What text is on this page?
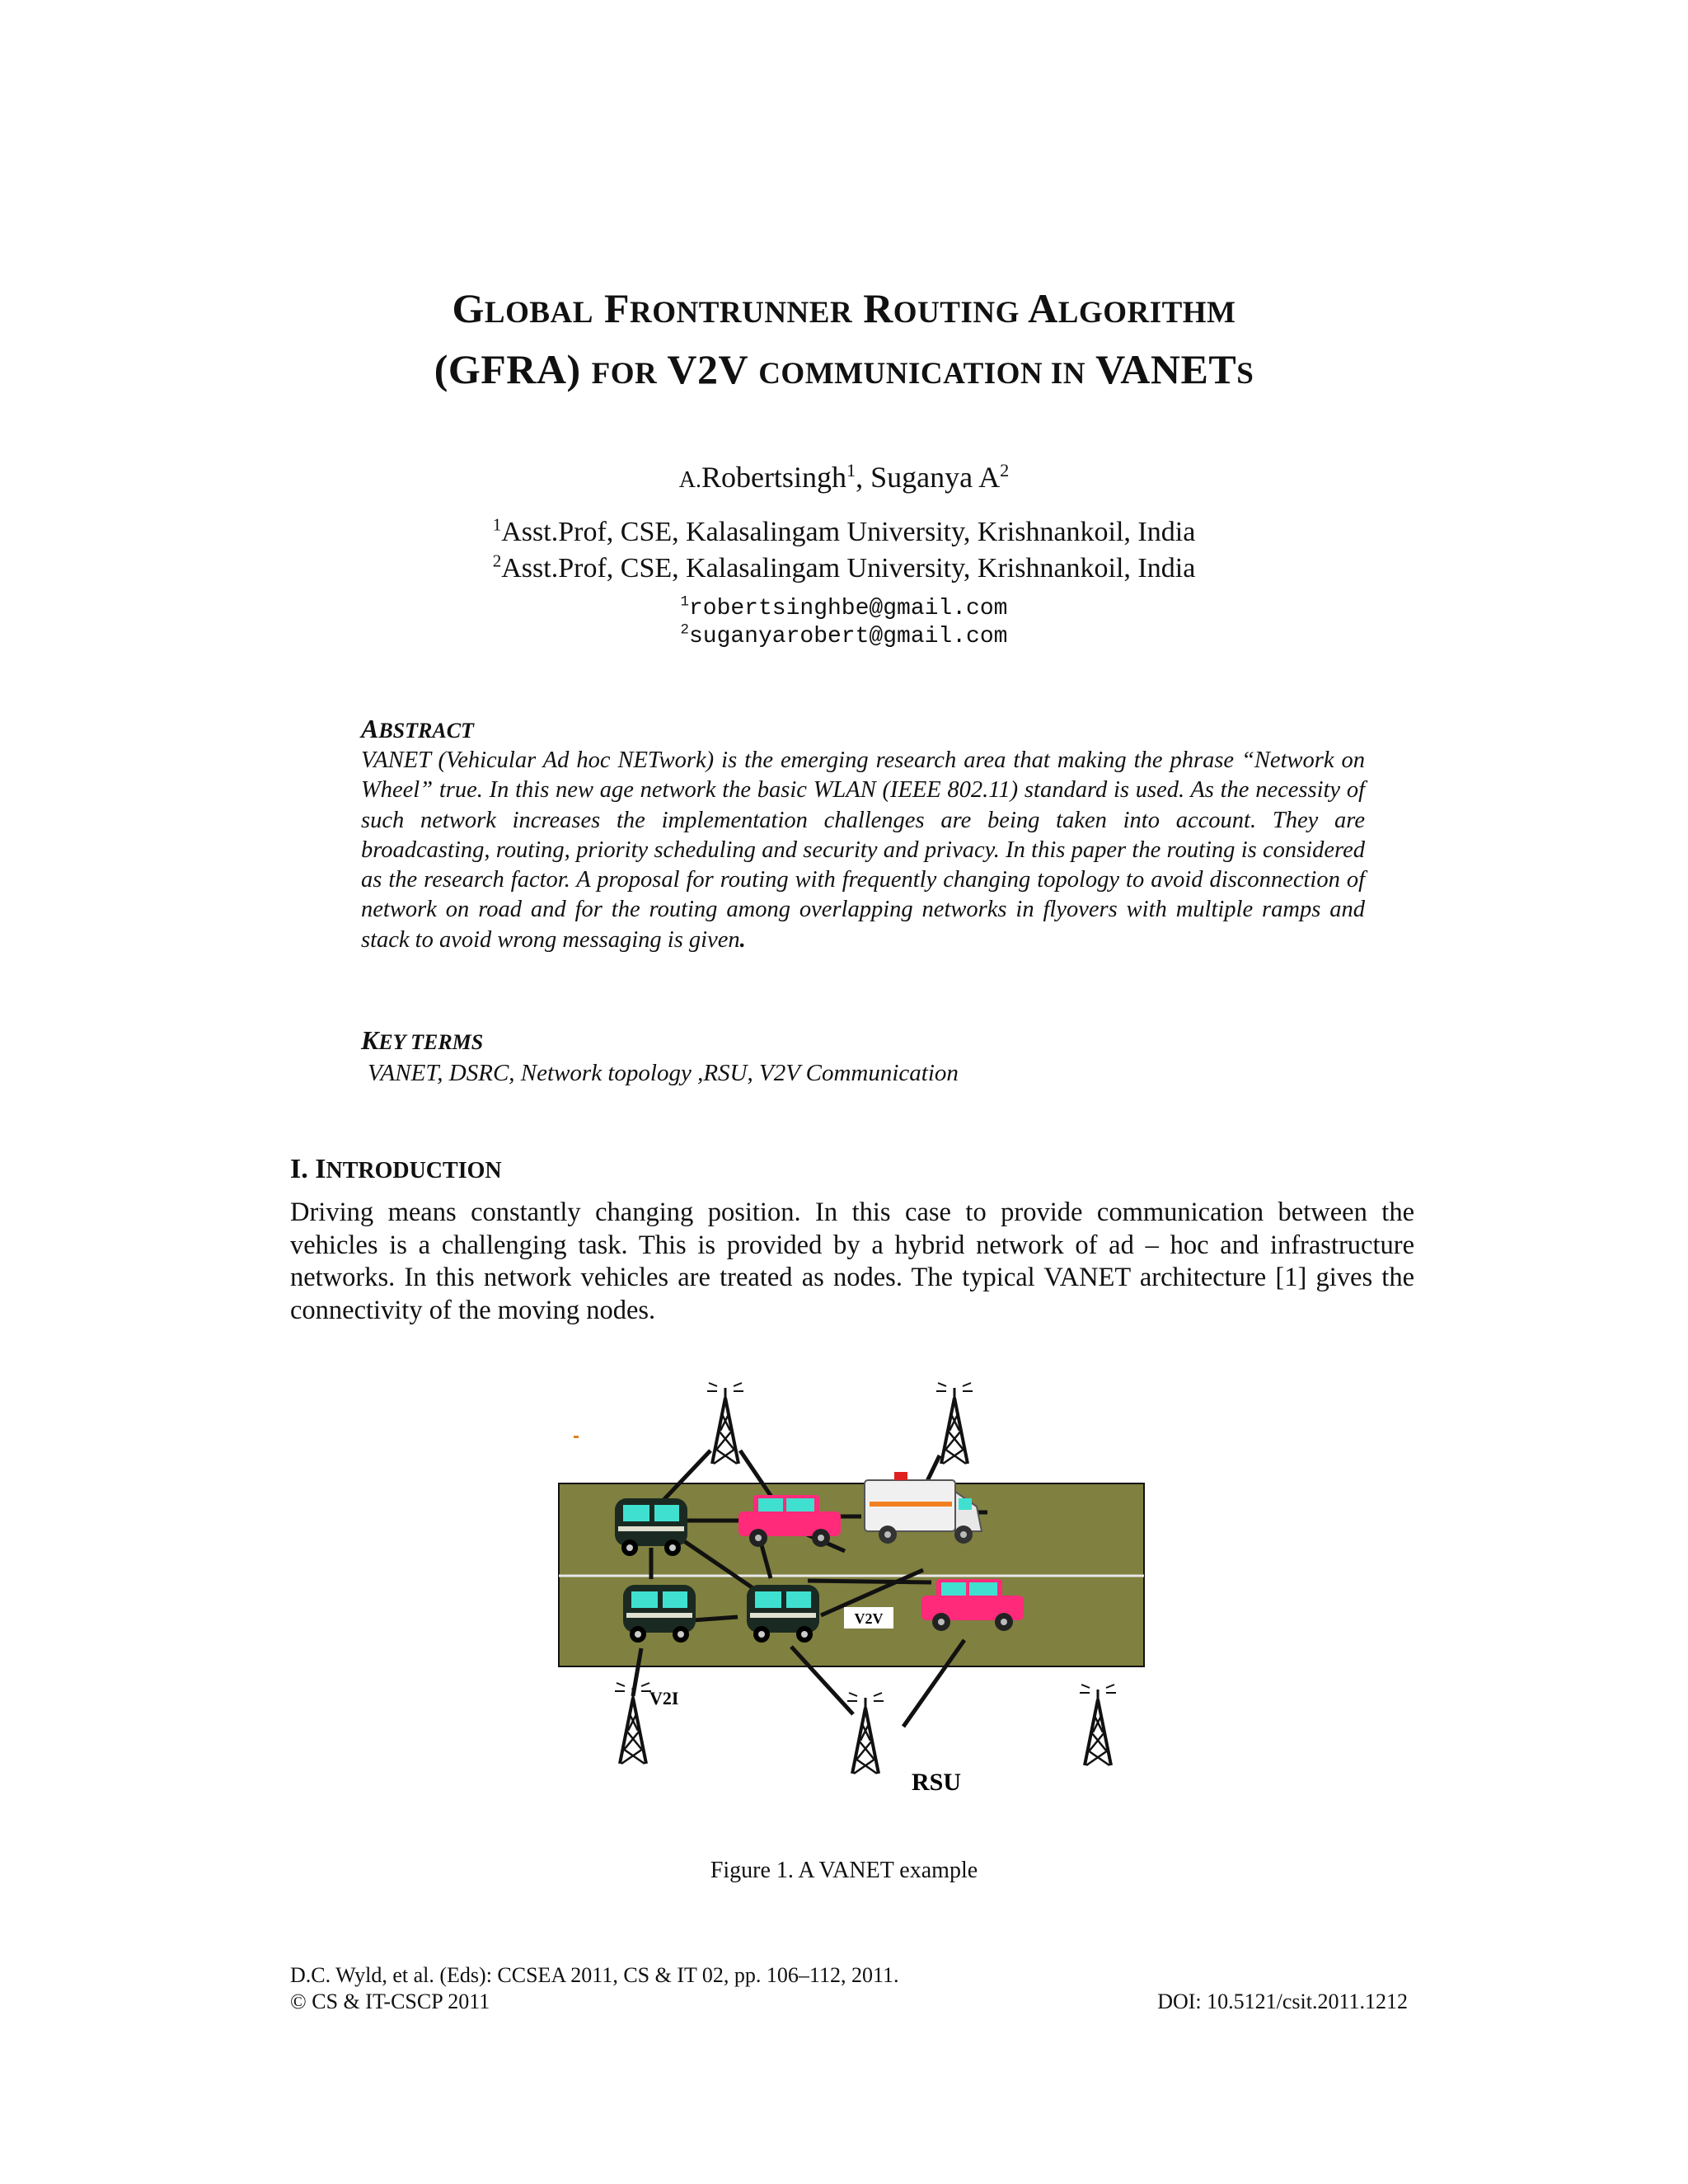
GLOBAL FRONTRUNNER ROUTING ALGORITHM
(GFRA) FOR V2V COMMUNICATION IN VANETS
A.Robertsingh$^1$, Suganya $A^2$
$^1$Asst.Prof, CSE, Kalasalingam University, Krishnankoil, India
$^2$Asst.Prof, CSE, Kalasalingam University, Krishnankoil, India
$^1$robertsinghbe@gmail.com
$^2$suganyarobert@gmail.com
ABSTRACT
VANET (Vehicular Ad hoc NETwork) is the emerging research area that making the phrase “Network on Wheel” true. In this new age network the basic WLAN (IEEE 802.11) standard is used. As the necessity of such network increases the implementation challenges are being taken into account. They are broadcasting, routing, priority scheduling and security and privacy. In this paper the routing is considered as the research factor. A proposal for routing with frequently changing topology to avoid disconnection of network on road and for the routing among overlapping networks in flyovers with multiple ramps and stack to avoid wrong messaging is given.
KEY TERMS
VANET, DSRC, Network topology ,RSU, V2V Communication
I. INTRODUCTION
Driving means constantly changing position. In this case to provide communication between the vehicles is a challenging task. This is provided by a hybrid network of ad – hoc and infrastructure networks. In this network vehicles are treated as nodes. The typical VANET architecture [1] gives the connectivity of the moving nodes.
V2V
V2I
RSU
Figure 1. A VANET example
D.C. Wyld, et al. (Eds): CCSEA 2011, CS & IT 02, pp. 106–112, 2011.
© CS & IT-CSCP 2011	DOI: 10.5121/csit.2011.1212
